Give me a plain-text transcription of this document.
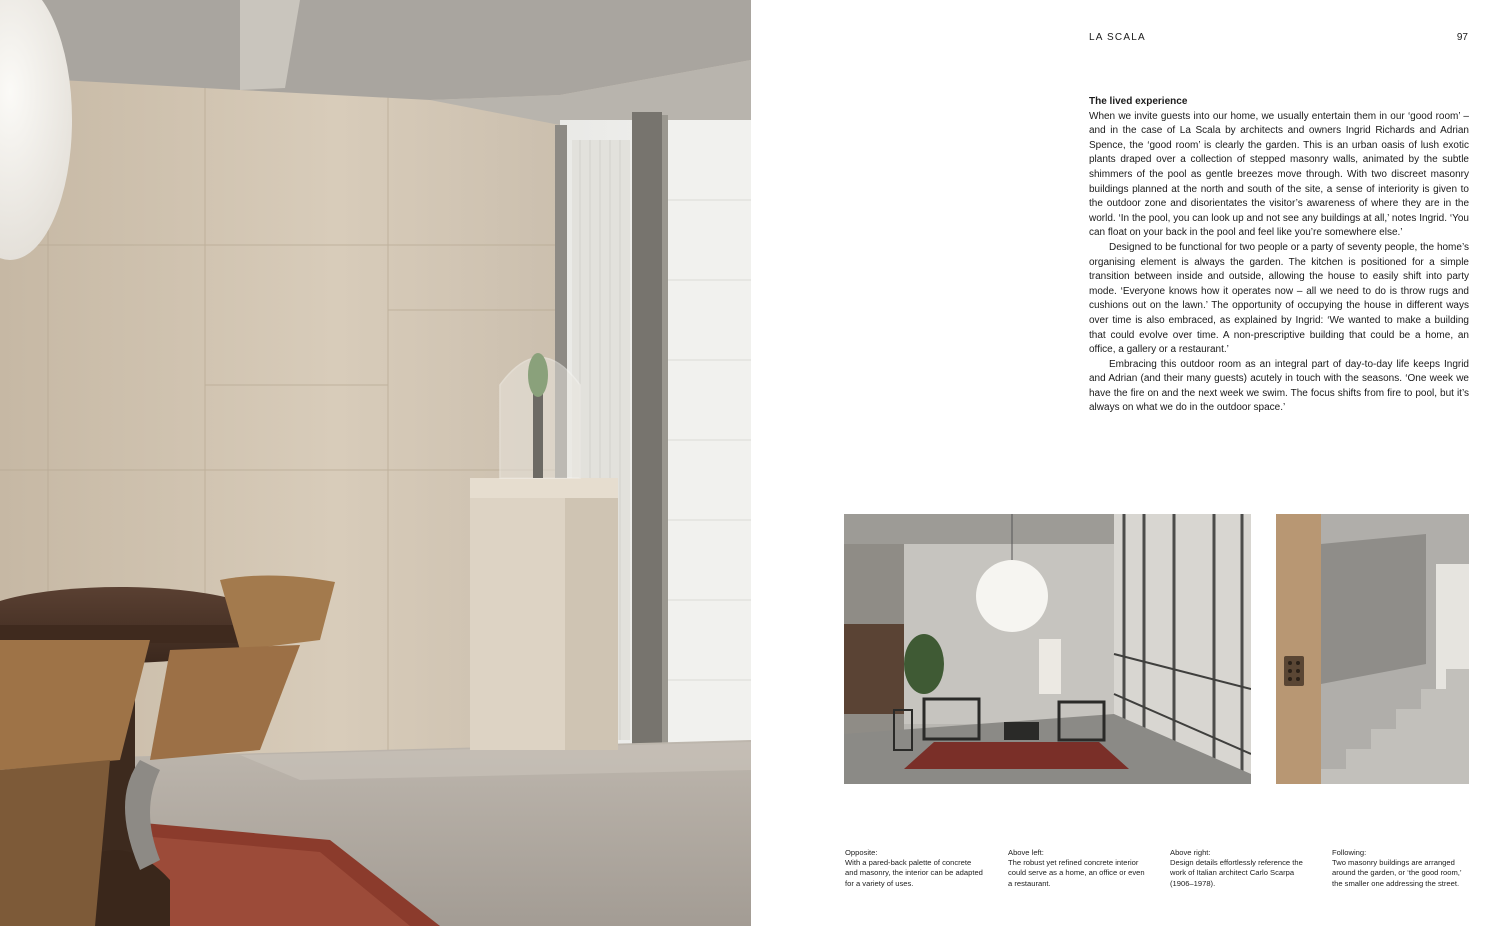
LA SCALA	97
The lived experience

When we invite guests into our home, we usually entertain them in our ‘good room’ – and in the case of La Scala by architects and owners Ingrid Richards and Adrian Spence, the ‘good room’ is clearly the garden. This is an urban oasis of lush exotic plants draped over a collection of stepped masonry walls, animated by the subtle shimmers of the pool as gentle breezes move through. With two discreet masonry buildings planned at the north and south of the site, a sense of interiority is given to the outdoor zone and disorientates the visitor’s awareness of where they are in the world. ‘In the pool, you can look up and not see any buildings at all,’ notes Ingrid. ‘You can float on your back in the pool and feel like you’re somewhere else.’

Designed to be functional for two people or a party of seventy people, the home’s organising element is always the garden. The kitchen is positioned for a simple transition between inside and outside, allowing the house to easily shift into party mode. ‘Everyone knows how it operates now – all we need to do is throw rugs and cushions out on the lawn.’ The opportunity of occupying the house in different ways over time is also embraced, as explained by Ingrid: ‘We wanted to make a building that could evolve over time. A non-prescriptive building that could be a home, an office, a gallery or a restaurant.’

Embracing this outdoor room as an integral part of day-to-day life keeps Ingrid and Adrian (and their many guests) acutely in touch with the seasons. ‘One week we have the fire on and the next week we swim. The focus shifts from fire to pool, but it’s always on what we do in the outdoor space.’

Opposite:
With a pared-back palette of concrete and masonry, the interior can be adapted for a variety of uses.
Above left:
The robust yet refined concrete interior could serve as a home, an office or even a restaurant.
Above right:
Design details effortlessly reference the work of Italian architect Carlo Scarpa (1906–1978).
Following:
Two masonry buildings are arranged around the garden, or ‘the good room,’ the smaller one addressing the street.
